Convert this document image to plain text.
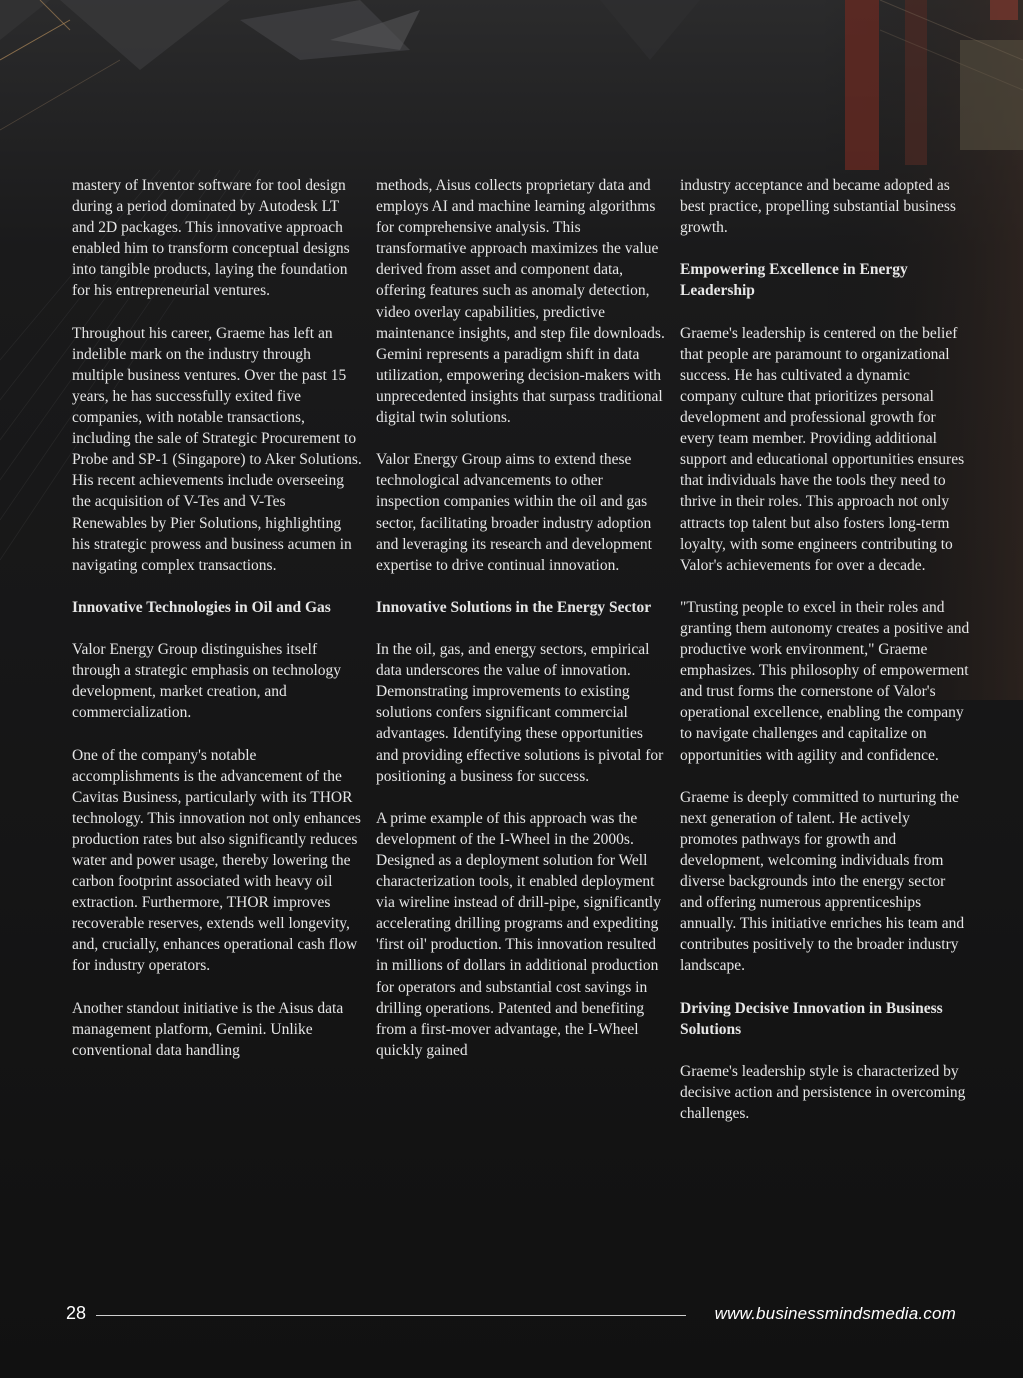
mastery of Inventor software for tool design during a period dominated by Autodesk LT and 2D packages. This innovative approach enabled him to transform conceptual designs into tangible products, laying the foundation for his entrepreneurial ventures.

Throughout his career, Graeme has left an indelible mark on the industry through multiple business ventures. Over the past 15 years, he has successfully exited five companies, with notable transactions, including the sale of Strategic Procurement to Probe and SP-1 (Singapore) to Aker Solutions. His recent achievements include overseeing the acquisition of V-Tes and V-Tes Renewables by Pier Solutions, highlighting his strategic prowess and business acumen in navigating complex transactions.

Innovative Technologies in Oil and Gas

Valor Energy Group distinguishes itself through a strategic emphasis on technology development, market creation, and commercialization.

One of the company's notable accomplishments is the advancement of the Cavitas Business, particularly with its THOR technology. This innovation not only enhances production rates but also significantly reduces water and power usage, thereby lowering the carbon footprint associated with heavy oil extraction. Furthermore, THOR improves recoverable reserves, extends well longevity, and, crucially, enhances operational cash flow for industry operators.

Another standout initiative is the Aisus data management platform, Gemini. Unlike conventional data handling

methods, Aisus collects proprietary data and employs AI and machine learning algorithms for comprehensive analysis. This transformative approach maximizes the value derived from asset and component data, offering features such as anomaly detection, video overlay capabilities, predictive maintenance insights, and step file downloads. Gemini represents a paradigm shift in data utilization, empowering decision-makers with unprecedented insights that surpass traditional digital twin solutions.

Valor Energy Group aims to extend these technological advancements to other inspection companies within the oil and gas sector, facilitating broader industry adoption and leveraging its research and development expertise to drive continual innovation.

Innovative Solutions in the Energy Sector

In the oil, gas, and energy sectors, empirical data underscores the value of innovation. Demonstrating improvements to existing solutions confers significant commercial advantages. Identifying these opportunities and providing effective solutions is pivotal for positioning a business for success.

A prime example of this approach was the development of the I-Wheel in the 2000s. Designed as a deployment solution for Well characterization tools, it enabled deployment via wireline instead of drill-pipe, significantly accelerating drilling programs and expediting 'first oil' production. This innovation resulted in millions of dollars in additional production for operators and substantial cost savings in drilling operations. Patented and benefiting from a first-mover advantage, the I-Wheel quickly gained

industry acceptance and became adopted as best practice, propelling substantial business growth.

Empowering Excellence in Energy Leadership

Graeme's leadership is centered on the belief that people are paramount to organizational success. He has cultivated a dynamic company culture that prioritizes personal development and professional growth for every team member. Providing additional support and educational opportunities ensures that individuals have the tools they need to thrive in their roles. This approach not only attracts top talent but also fosters long-term loyalty, with some engineers contributing to Valor's achievements for over a decade.

"Trusting people to excel in their roles and granting them autonomy creates a positive and productive work environment," Graeme emphasizes. This philosophy of empowerment and trust forms the cornerstone of Valor's operational excellence, enabling the company to navigate challenges and capitalize on opportunities with agility and confidence.

Graeme is deeply committed to nurturing the next generation of talent. He actively promotes pathways for growth and development, welcoming individuals from diverse backgrounds into the energy sector and offering numerous apprenticeships annually. This initiative enriches his team and contributes positively to the broader industry landscape.

Driving Decisive Innovation in Business Solutions

Graeme's leadership style is characterized by decisive action and persistence in overcoming challenges.

28	www.businessmindsmedia.com
